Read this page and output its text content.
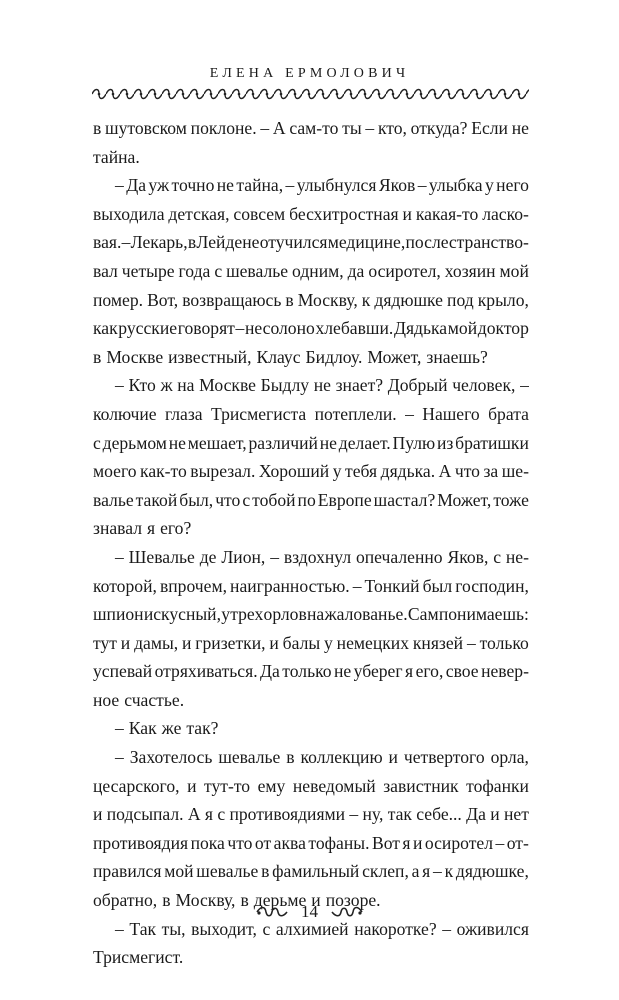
ЕЛЕНА ЕРМОЛОВИЧ
в шутовском поклоне. – А сам-то ты – кто, откуда? Если не
тайна.
– Да уж точно не тайна, – улыбнулся Яков – улыбка у него
выходила детская, совсем бесхитростная и какая-то ласко-
вая. – Лекарь, в Лейдене отучился медицине, после странство-
вал четыре года с шевалье одним, да осиротел, хозяин мой
помер. Вот, возвращаюсь в Москву, к дядюшке под крыло,
как русские говорят – несолоно хлебавши. Дядька мой доктор
в Москве известный, Клаус Бидлоу. Может, знаешь?
– Кто ж на Москве Быдлу не знает? Добрый человек, –
колючие глаза Трисмегиста потеплели. – Нашего брата
с дерьмом не мешает, различий не делает. Пулю из братишки
моего как-то вырезал. Хороший у тебя дядька. А что за ше-
валье такой был, что с тобой по Европе шастал? Может, тоже
знавал я его?
– Шевалье де Лион, – вздохнул опечаленно Яков, с не-
которой, впрочем, наигранностью. – Тонкий был господин,
шпион искусный, у трех орлов на жалованье. Сам понимаешь:
тут и дамы, и гризетки, и балы у немецких князей – только
успевай отряхиваться. Да только не уберег я его, свое невер-
ное счастье.
– Как же так?
– Захотелось шевалье в коллекцию и четвертого орла,
цесарского, и тут-то ему неведомый завистник тофанки
и подсыпал. А я с противоядиями – ну, так себе... Да и нет
противоядия пока что от аква тофаны. Вот я и осиротел – от-
правился мой шевалье в фамильный склеп, а я – к дядюшке,
обратно, в Москву, в дерьме и позоре.
– Так ты, выходит, с алхимией накоротке? – оживился
Трисмегист.
14
